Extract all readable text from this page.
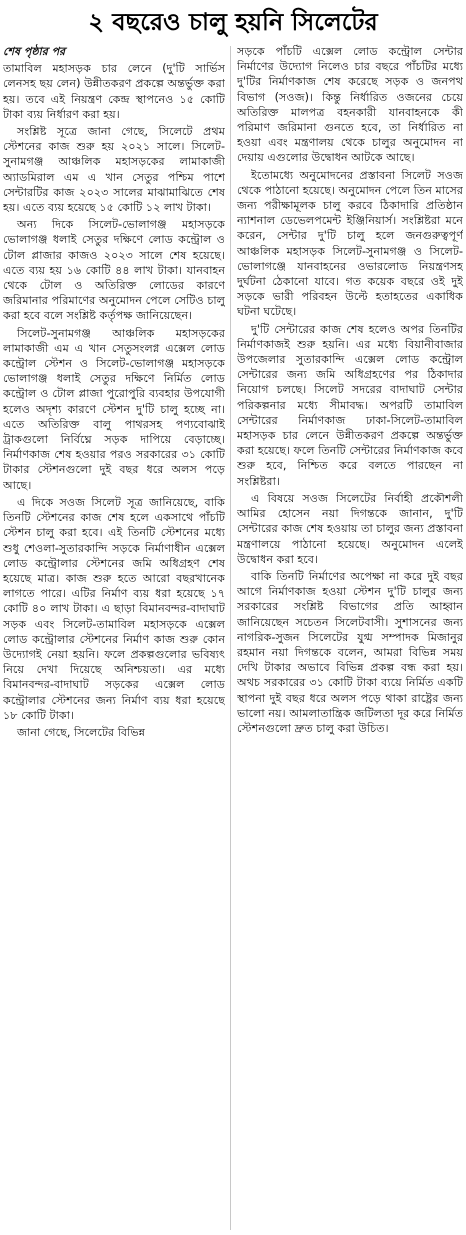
২ বছরেও চালু হয়নি সিলেটের
শেষ পৃষ্ঠার পর

তামাবিল মহাসড়ক চার লেনে (দু'টি সার্ভিস লেনসহ ছয় লেন) উন্নীতকরণ প্রকল্পে অন্তর্ভুক্ত করা হয়। তবে এই নিয়ন্ত্রণ কেন্দ্র স্থাপনেও ১৫ কোটি টাকা ব্যয় নির্ধারণ করা হয়।

সংশ্লিষ্ট সূত্রে জানা গেছে, সিলেটে প্রথম স্টেশনের কাজ শুরু হয় ২০২১ সালে। সিলেট-সুনামগঞ্জ আঞ্চলিক মহাসড়কের লামাকাজী অ্যাডমিরাল এম এ খান সেতুর পশ্চিম পাশে সেন্টারটির কাজ ২০২৩ সালের মাঝামাঝিতে শেষ হয়। এতে ব্যয় হয়েছে ১৫ কোটি ১২ লাখ টাকা।

অন্য দিকে সিলেট-ভোলাগঞ্জ মহাসড়কে ভোলাগঞ্জ ধলাই সেতুর দক্ষিণে লোড কন্ট্রোল ও টোল প্লাজার কাজও ২০২৩ সালে শেষ হয়েছে। এতে ব্যয় হয় ১৬ কোটি ৪৪ লাখ টাকা। যানবাহন থেকে টোল ও অতিরিক্ত লোডের কারণে জরিমানার পরিমাণের অনুমোদন পেলে সেটিও চালু করা হবে বলে সংশ্লিষ্ট কর্তৃপক্ষ জানিয়েছেন।

সিলেট-সুনামগঞ্জ আঞ্চলিক মহাসড়কের লামাকাজী এম এ খান সেতুসংলগ্ন এক্সেল লোড কন্ট্রোল স্টেশন ও সিলেট-ভোলাগঞ্জ মহাসড়কে ভোলাগঞ্জ ধলাই সেতুর দক্ষিণে নির্মিত লোড কন্ট্রোল ও টোল প্লাজা পুরোপুরি ব্যবহার উপযোগী হলেও অদৃশ্য কারণে স্টেশন দু'টি চালু হচ্ছে না। এতে অতিরিক্ত বালু পাথরসহ পণ্যবোঝাই ট্রাকগুলো নির্বিঘ্নে সড়ক দাপিয়ে বেড়াচ্ছে। নির্মাণকাজ শেষ হওয়ার পরও সরকারের ৩১ কোটি টাকার স্টেশনগুলো দুই বছর ধরে অলস পড়ে আছে।

এ দিকে সওজ সিলেট সূত্র জানিয়েছে, বাকি তিনটি স্টেশনের কাজ শেষ হলে একসাথে পাঁচটি স্টেশন চালু করা হবে। এই তিনটি স্টেশনের মধ্যে শুধু শেওলা-সুতারকান্দি সড়কে নির্মাণাধীন এক্সেল লোড কন্ট্রোলার স্টেশনের জমি অধিগ্রহণ শেষ হয়েছে মাত্র। কাজ শুরু হতে আরো বছরখানেক লাগতে পারে। এটির নির্মাণ ব্যয় ধরা হয়েছে ১৭ কোটি ৪০ লাখ টাকা। এ ছাড়া বিমানবন্দর-বাদাঘাট সড়ক এবং সিলেট-তামাবিল মহাসড়কে এক্সেল লোড কন্ট্রোলার স্টেশনের নির্মাণ কাজ শুরু কোন উদ্যোগই নেয়া হয়নি। ফলে প্রকল্পগুলোর ভবিষ্যৎ নিয়ে দেখা দিয়েছে অনিশ্চয়তা। এর মধ্যে বিমানবন্দর-বাদাঘাট সড়কের এক্সেল লোড কন্ট্রোলার স্টেশনের জন্য নির্মাণ ব্যয় ধরা হয়েছে ১৮ কোটি টাকা।

জানা গেছে, সিলেটের বিভিন্ন

সড়কে পাঁচটি এক্সেল লোড কন্ট্রোল সেন্টার নির্মাণের উদ্যোগ নিলেও চার বছরে পাঁচটির মধ্যে দু'টির নির্মাণকাজ শেষ করেছে সড়ক ও জনপথ বিভাগ (সওজ)। কিন্তু নির্ধারিত ওজনের চেয়ে অতিরিক্ত মালপত্র বহনকারী যানবাহনকে কী পরিমাণ জরিমানা গুনতে হবে, তা নির্ধারিত না হওয়া এবং মন্ত্রণালয় থেকে চালুর অনুমোদন না দেয়ায় এগুলোর উদ্বোধন আটকে আছে।

ইতোমধ্যে অনুমোদনের প্রস্তাবনা সিলেট সওজ থেকে পাঠানো হয়েছে। অনুমোদন পেলে তিন মাসের জন্য পরীক্ষামূলক চালু করবে ঠিকাদারি প্রতিষ্ঠান ন্যাশনাল ডেভেলপমেন্ট ইঞ্জিনিয়ার্স। সংশ্লিষ্টরা মনে করেন, সেন্টার দু'টি চালু হলে জনগুরুত্বপূর্ণ আঞ্চলিক মহাসড়ক সিলেট-সুনামগঞ্জ ও সিলেট-ভোলাগঞ্জে যানবাহনের ওভারলোড নিয়ন্ত্রণসহ দুর্ঘটনা ঠেকানো যাবে। গত কয়েক বছরে ওই দুই সড়কে ভারী পরিবহন উল্টে হতাহতের একাধিক ঘটনা ঘটেছে।

দু'টি সেন্টারের কাজ শেষ হলেও অপর তিনটির নির্মাণকাজই শুরু হয়নি। এর মধ্যে বিয়ানীবাজার উপজেলার সুতারকান্দি এক্সেল লোড কন্ট্রোল সেন্টারের জন্য জমি অধিগ্রহণের পর ঠিকাদার নিয়োগ চলছে। সিলেট সদরের বাদাঘাট সেন্টার পরিকল্পনার মধ্যে সীমাবদ্ধ। অপরটি তামাবিল সেন্টারের নির্মাণকাজ ঢাকা-সিলেট-তামাবিল মহাসড়ক চার লেনে উন্নীতকরণ প্রকল্পে অন্তর্ভুক্ত করা হয়েছে। ফলে তিনটি সেন্টারের নির্মাণকাজ কবে শুরু হবে, নিশ্চিত করে বলতে পারছেন না সংশ্লিষ্টরা।

এ বিষয়ে সওজ সিলেটের নির্বাহী প্রকৌশলী আমির হোসেন নয়া দিগন্তকে জানান, দু'টি সেন্টারের কাজ শেষ হওয়ায় তা চালুর জন্য প্রস্তাবনা মন্ত্রণালয়ে পাঠানো হয়েছে। অনুমোদন এলেই উদ্বোধন করা হবে।

বাকি তিনটি নির্মাণের অপেক্ষা না করে দুই বছর আগে নির্মাণকাজ হওয়া স্টেশন দু'টি চালুর জন্য সরকারের সংশ্লিষ্ট বিভাগের প্রতি আহ্বান জানিয়েছেন সচেতন সিলেটবাসী। সুশাসনের জন্য নাগরিক-সুজন সিলেটের যুগ্ম সম্পাদক মিজানুর রহমান নয়া দিগন্তকে বলেন, আমরা বিভিন্ন সময় দেখি টাকার অভাবে বিভিন্ন প্রকল্প বন্ধ করা হয়। অথচ সরকারের ৩১ কোটি টাকা ব্যয়ে নির্মিত একটি স্থাপনা দুই বছর ধরে অলস পড়ে থাকা রাষ্ট্রের জন্য ভালো নয়। আমলাতান্ত্রিক জটিলতা দূর করে নির্মিত স্টেশনগুলো দ্রুত চালু করা উচিত।
